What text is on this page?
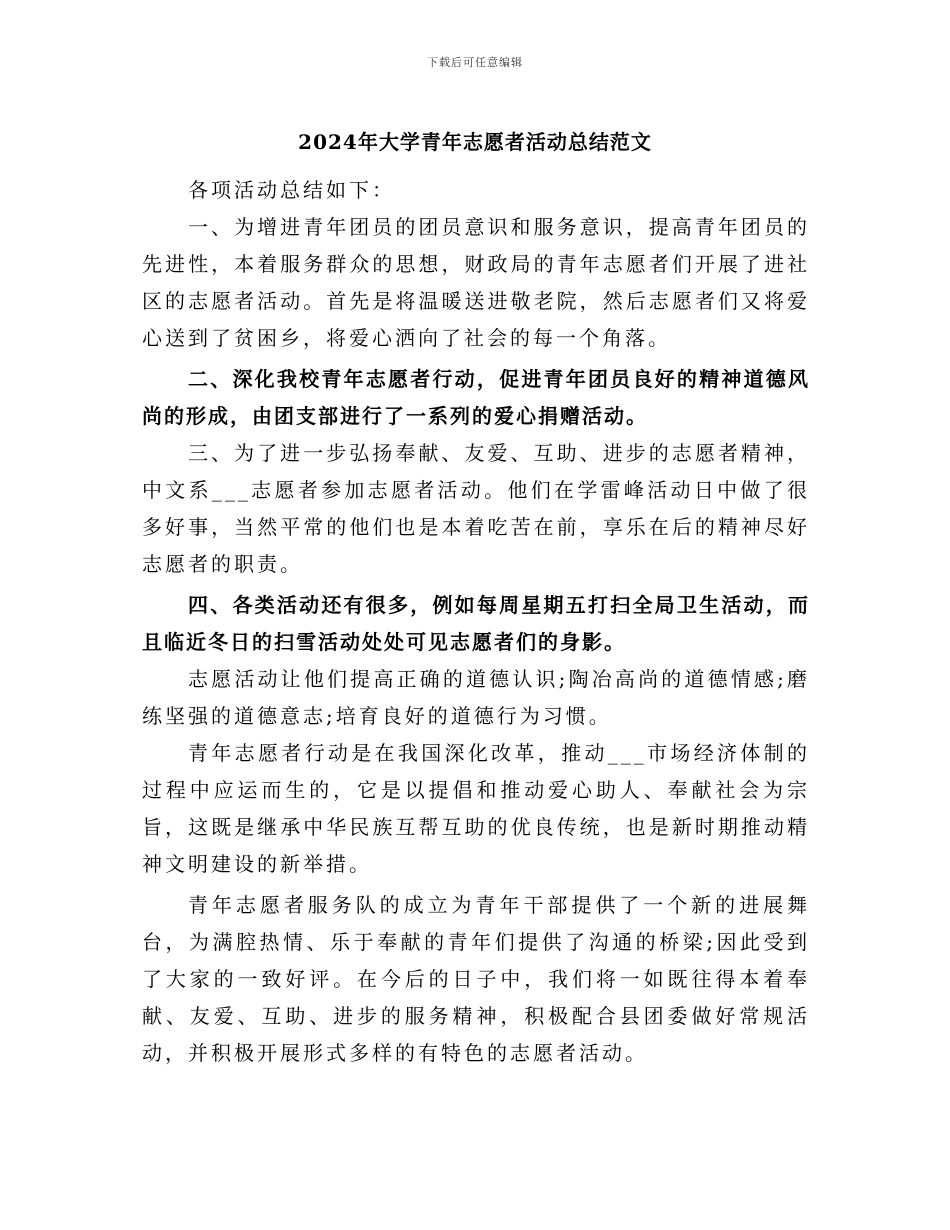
下载后可任意编辑
2024年大学青年志愿者活动总结范文

各项活动总结如下：

一、为增进青年团员的团员意识和服务意识，提高青年团员的先进性，本着服务群众的思想，财政局的青年志愿者们开展了进社区的志愿者活动。首先是将温暖送进敬老院，然后志愿者们又将爱心送到了贫困乡，将爱心洒向了社会的每一个角落。

二、深化我校青年志愿者行动，促进青年团员良好的精神道德风尚的形成，由团支部进行了一系列的爱心捐赠活动。

三、为了进一步弘扬奉献、友爱、互助、进步的志愿者精神，中文系___志愿者参加志愿者活动。他们在学雷峰活动日中做了很多好事，当然平常的他们也是本着吃苦在前，享乐在后的精神尽好志愿者的职责。

四、各类活动还有很多，例如每周星期五打扫全局卫生活动，而且临近冬日的扫雪活动处处可见志愿者们的身影。

志愿活动让他们提高正确的道德认识;陶冶高尚的道德情感;磨练坚强的道德意志;培育良好的道德行为习惯。

青年志愿者行动是在我国深化改革，推动___市场经济体制的过程中应运而生的，它是以提倡和推动爱心助人、奉献社会为宗旨，这既是继承中华民族互帮互助的优良传统，也是新时期推动精神文明建设的新举措。

青年志愿者服务队的成立为青年干部提供了一个新的进展舞台，为满腔热情、乐于奉献的青年们提供了沟通的桥梁;因此受到了大家的一致好评。在今后的日子中，我们将一如既往得本着奉献、友爱、互助、进步的服务精神，积极配合县团委做好常规活动，并积极开展形式多样的有特色的志愿者活动。
